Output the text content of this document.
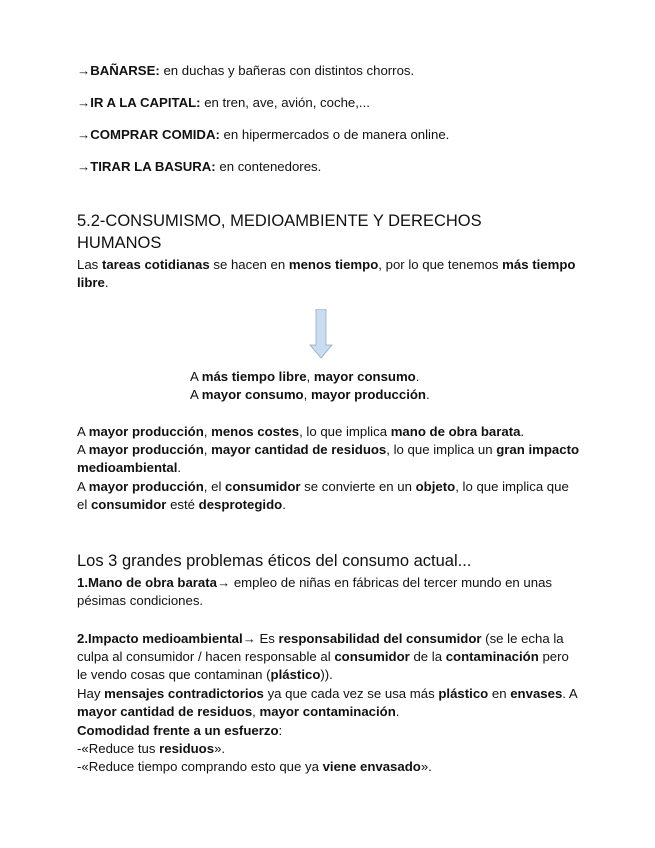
→BAÑARSE: en duchas y bañeras con distintos chorros.

→IR A LA CAPITAL: en tren, ave, avión, coche,...

→COMPRAR COMIDA: en hipermercados o de manera online.

→TIRAR LA BASURA: en contenedores.

5.2-CONSUMISMO, MEDIOAMBIENTE Y DERECHOS
HUMANOS

Las tareas cotidianas se hacen en menos tiempo, por lo que tenemos más tiempo libre.

A más tiempo libre, mayor consumo.

A mayor consumo, mayor producción.

A mayor producción, menos costes, lo que implica mano de obra barata.

A mayor producción, mayor cantidad de residuos, lo que implica un gran impacto medioambiental.

A mayor producción, el consumidor se convierte en un objeto, lo que implica que el consumidor esté desprotegido.

Los 3 grandes problemas éticos del consumo actual...

1.Mano de obra barata→ empleo de niñas en fábricas del tercer mundo en unas pésimas condiciones.

2.Impacto medioambiental→ Es responsabilidad del consumidor (se le echa la culpa al consumidor / hacen responsable al consumidor de la contaminación pero le vendo cosas que contaminan (plástico)).

Hay mensajes contradictorios ya que cada vez se usa más plástico en envases. A mayor cantidad de residuos, mayor contaminación.

Comodidad frente a un esfuerzo:

-«Reduce tus residuos».

-«Reduce tiempo comprando esto que ya viene envasado».
